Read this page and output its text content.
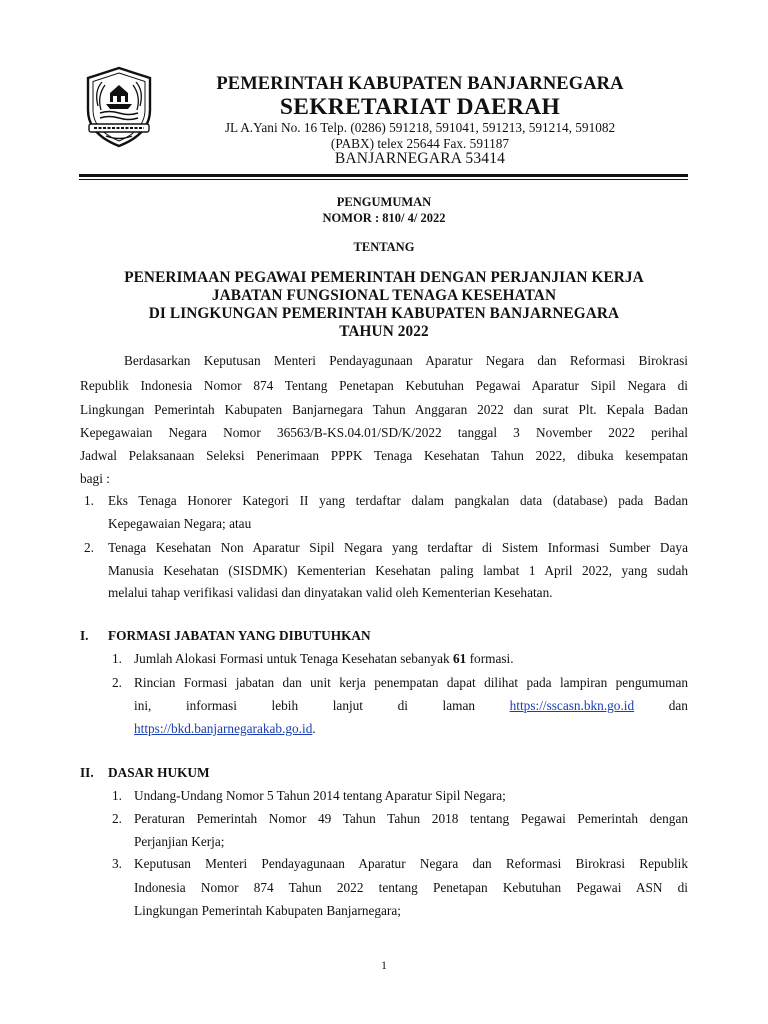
PEMERINTAH KABUPATEN BANJARNEGARA
SEKRETARIAT DAERAH
JL A.Yani No. 16 Telp. (0286) 591218, 591041, 591213, 591214, 591082
(PABX) telex 25644 Fax. 591187
BANJARNEGARA 53414
PENGUMUMAN
NOMOR : 810/ 4/ 2022
TENTANG
PENERIMAAN PEGAWAI PEMERINTAH DENGAN PERJANJIAN KERJA
JABATAN FUNGSIONAL TENAGA KESEHATAN
DI LINGKUNGAN PEMERINTAH KABUPATEN BANJARNEGARA
TAHUN 2022
Berdasarkan Keputusan Menteri Pendayagunaan Aparatur Negara dan Reformasi Birokrasi
Republik Indonesia Nomor 874 Tentang Penetapan Kebutuhan Pegawai Aparatur Sipil Negara di
Lingkungan Pemerintah Kabupaten Banjarnegara Tahun Anggaran 2022 dan surat Plt. Kepala Badan
Kepegawaian Negara Nomor 36563/B-KS.04.01/SD/K/2022 tanggal 3 November 2022 perihal
Jadwal Pelaksanaan Seleksi Penerimaan PPPK Tenaga Kesehatan Tahun 2022, dibuka kesempatan
bagi :
1. Eks Tenaga Honorer Kategori II yang terdaftar dalam pangkalan data (database) pada Badan
Kepegawaian Negara; atau
2. Tenaga Kesehatan Non Aparatur Sipil Negara yang terdaftar di Sistem Informasi Sumber Daya
Manusia Kesehatan (SISDMK) Kementerian Kesehatan paling lambat 1 April 2022, yang sudah
melalui tahap verifikasi validasi dan dinyatakan valid oleh Kementerian Kesehatan.
I. FORMASI JABATAN YANG DIBUTUHKAN
1. Jumlah Alokasi Formasi untuk Tenaga Kesehatan sebanyak 61 formasi.
2. Rincian Formasi jabatan dan unit kerja penempatan dapat dilihat pada lampiran pengumuman
ini,	informasi	lebih	lanjut	di	laman	https://sscasn.bkn.go.id	dan
https://bkd.banjarnegarakab.go.id.
II. DASAR HUKUM
1. Undang-Undang Nomor 5 Tahun 2014 tentang Aparatur Sipil Negara;
2. Peraturan Pemerintah Nomor 49 Tahun Tahun 2018 tentang Pegawai Pemerintah dengan
Perjanjian Kerja;
3. Keputusan Menteri Pendayagunaan Aparatur Negara dan Reformasi Birokrasi Republik
Indonesia Nomor 874 Tahun 2022 tentang Penetapan Kebutuhan Pegawai ASN di
Lingkungan Pemerintah Kabupaten Banjarnegara;
1
